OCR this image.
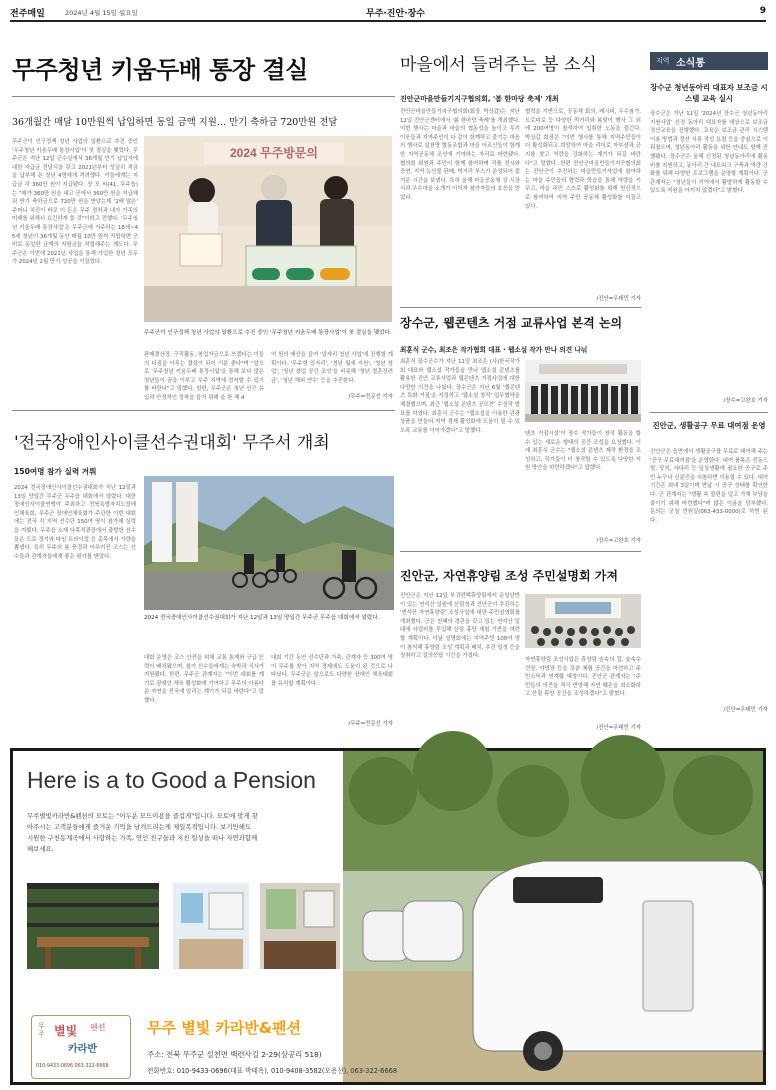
전주매일	2024년 4월 15일 월요일	무주·진안·장수	9
무주청년 키움두배 통장 결실
36개월간 매달 10만원씩 납입하면 동일 금액 지원… 만기 축하금 720만원 전달
무주군이 인구정책 청년 사업의 일환으로 추진 중인 '무주청년 키움두배 통장사업'이 첫 결실을 맺었다. 무주군은 지난 12일 군수실에서 36개월 만기 납입자에 대한 지급금 전달식을 갖고 2021년부터 성실히 적금을 납부해 온 청년 4명에게 격려했다. 이들에게는 지급금 각 360만 원이 지급됐다. 장 모 씨(41, 무주읍)는 "매가 360만 원을 내고 군에서 360만 원을 지급해 줘 만기 축하금으로 720만 원을 받았는데 '2배 많은' 주머니 치킨이 바로 이 돈은 무주 정착과 내가 가족의 미래를 위해서 요긴하게 쓸 것"이라고 전했다. '무주청년 키움두배 통장사업'은 무주군에 거주하는 18세~45세 청년이 36개월 동안 매월 10만 원씩 적립하면 군비로 동일한 금액의 지원금을 적립해주는 제도다. 무주군은 이번에 2021년 사업을 통해 가입한 청년 모두가 2024년 2월 만기 성공을 이끌었다.
2024 무주방문의
무주군이 인구정책 청년 사업의 일환으로 추진 중인 '무주청년 키움두배 통장사업'이 첫 결실을 맺었다.
판매결산장, 구직활동, 창업자금으로 쓰겠다는 이들의 다짐을 이루는 결실이 되어 기분 좋다"며 "앞으로 '무주청년 키움두배 통장사업'을 통해 보다 많은 청년들이 꿈을 이루고 무주 지역에 정착할 수 있기를 바란다"고 말했다. 한편, 무주군은 청년 인구 유입과 안정적인 정착을 돕기 위해 올 한 해 4
억 원의 예산을 들여 '일자리 청년 사업'에 진행할 계획이다. '무주형 일자리', '청년 월세 지원', '청년 창업', '청년 창업 공간 조성'을 비롯해 '청년 결혼장려금', '청년 해외 연수' 등을 추진한다.
/무주=전문선 기자
마을에서 들려주는 봄 소식
진안군마을만들기지구협의회, '봄 한마당 축제' 개최
진안군마을만들기지구협의회(회장 박상갑)는 지난 12일 진안군센터에서 '봄 한마당 축제'를 개최했다. 이번 행사는 마을과 마을의 협동성을 높이고 우리 이웃들과 지역주민이 다 같이 함께하고 즐기는 마음의 행사로 삼천명 협동조합과 마을 어르신들이 함께한 지역공동체 조성에 기여하는 자리로 마련됐다. 협의회 회원과 주민이 함께 참여하며 작품 전시와 공연, 지역 농산물 판매, 먹거리 부스가 운영되어 즐거운 시간을 보냈다. 특히 올해 마을공동체 상 시상식과 우수마을 소개가 이어져 참가자들의 호응을 얻었다.
협력을 기반으로, 공동체 회의, 레시피, 우수참가, 트로피로 등 다양한 먹거리와 봄맞이 행사 그 외에 200여명이 참석하여 일취한 노동을 즐긴다. 박상갑 회장은 "이번 행사를 통해 지역주민들이 더 활성화되고 희망하여 마을 리더로 자부심과 긍지를 찾고 역량을 강화하는 계기가 되길 바란다"고 말했다. 한편 진안군마을만들기지구협의회는 진안군이 추진하는 마을만들기사업에 참여하는 마을 주민들의 협력과 학습을 통해 역량을 키우고, 마을 주민 스스로 활성화를 위해 헌신적으로 참여하여 지역 주민 공동체 활성화를 이끌고 있다.
/진안=우태민 기자
장수군, 웹콘텐츠 거점 교류사업 본격 논의
최훈식 군수, 최조은 작가협회 대표 · 웹소설 작가 만나 의견 나눠
최훈식 장수군수가 지난 11일 최조은 (사)한국작가회 대표와 웹소설 작가들을 만나 웹소설 콘텐츠를 활용한 진안 교류사업과 웹콘텐츠 거점사업에 대한 다양한 의견을 나눴다. 장수군은 지난 6월 '웹콘텐츠 특화 거점'을 지정하고 '웹소설 창작' 업무협약을 체결했으며, 최근 '웹소설 콘텐츠 공모전' 수상작 발표를 하였다. 최훈식 군수는 "웹소설을 이용한 관광상품을 만들어 지역 경제 활성화에 도움이 될 수 있도록 교류를 이어가겠다"고 말했다.
텐츠 거점시설'이 장수 작가들이 창작 활동을 할 수 있는 새로운 형태의 공간 조성을 요청했다. 이에 최훈식 군수는 "웹소설 콘텐츠 제작 환경을 조성하고, 작가들이 더 창작할 수 있도록 다양한 지원 방안을 마련하겠다"고 답했다.
/장수=고완호 기자
진안군, 자연휴양림 조성 주민설명회 가져
진안군은 지난 12일 부귀편백휴양림에서 운일암반이 있는 연석산 일원에 산림청과 진안군이 추진하는 '연석산 자연휴양림' 조성사업에 대한 주민설명회를 개최했다. 군은 천혜의 경관을 갖고 있는 연석산 일대에 사업비를 투입해 산림 휴양 체험 기반을 마련할 계획이다. 이날 설명회에는 지역주민 100여 명이 참석해 휴양림 조성 계획과 배치, 추진 일정 등을 청취하고 질의응답 시간을 가졌다.
자연휴양림 조성사업은 휴양림 숲속의 집, 숲속수련장, 야영장 등을 갖춘 체험 공간을 마련하고 주민소득과 연계할 예정이다. 진안군 관계자는 "주민들의 의견을 적극 반영해 자연 훼손을 최소화하고 산림 휴양 공간을 조성하겠다"고 밝혔다.
/진안=우태민 기자
'전국장애인사이클선수권대회' 무주서 개최
150여명 참가 실력 겨뤄
2024 전국장애인사이클선수권대회가 지난 12일과 13일 양일간 무주군 무주읍 대회에서 열렸다. 대한장애인사이클연맹이 주최하고 전북특별자치도장애인체육회, 무주군 장애인체육회가 주관한 이번 대회에는 전국 각 지역 선수단 150여 명이 참가해 실력을 겨뤘다. 무주읍 소재 다목적광장에서 출발한 선수들은 도로 경기와 타임 트라이얼 등 종목에서 기량을 뽐냈다. 특히 무주의 봄 풍경과 어우러진 코스는 선수들과 관계자들에게 좋은 평가를 받았다.
2024 전국장애인사이클선수권대회가 지난 12일과 13일 양일간 무주군 무주읍 대회에서 열렸다.
대회 운영은 코스 안전을 위해 교통 통제와 구급 인력이 배치됐으며, 참가 선수들에게는 숙박과 식사가 지원됐다. 한편, 무주군 관계자는 "이번 대회를 계기로 장애인 체육 활성화에 기여하고 무주의 아름다운 자연을 전국에 알리는 계기가 되길 바란다"고 말했다.
대회 기간 동안 선수단과 가족, 관계자 등 300여 명이 무주를 찾아 지역 경제에도 도움이 된 것으로 나타났다. 무주군은 앞으로도 다양한 장애인 체육대회를 유치할 계획이다.
/무주=전문선 기자
지역 소식통
장수군 청년동아리 대표자 보조금 시스템 교육 실시
장수군은 지난 11일 '2024년 장수군 청년동아리 지원사업' 선정 동아리 대표자를 대상으로 보조금 정산교육을 진행했다. 교육은 보조금 관리 시스템 이용 방법과 정산 서류 작성 요령 등을 중심으로 이뤄졌으며, 청년동아리 활동을 위한 안내도 함께 진행됐다. 장수군은 올해 선정된 청년동아리에 활동비를 지원하고, 동아리 간 네트워크 구축과 역량 강화를 위해 다양한 프로그램을 운영할 계획이다. 군 관계자는 "청년들이 지역에서 활발하게 활동할 수 있도록 지원을 아끼지 않겠다"고 밝혔다.
/장수=고완호 기자
진안군, 생활공구 무료 대여점 운영
진안군은 읍면에서 생활공구를 무료로 대여해 주는 '공구 무료대여점'을 운영한다. 대여 품목은 전동드릴, 망치, 사다리 등 일상생활에 필요한 공구로 주민 누구나 신분증을 지참하면 이용할 수 있다. 대여 기간은 최대 3일이며 반납 시 공구 상태를 확인한다. 군 관계자는 "생활 속 불편을 덜고 가계 부담을 줄이기 위해 마련했다"며 많은 이용을 당부했다. 문의는 군청 민원실(063-433-0000)로 하면 된다.
/진안=우태민 기자
Here is a to Good a Pension
무주별빛카라반&펜션의 모토는 "어두운 모드이용을 즐겁게"입니다. 모토에 맞게 찾아주시는 고객분들에게 즐거운 기억을 남겨드리는게 제일목적입니다. 보기만해도 시원한 구천동계곡에서 사랑하는 가족, 연인 친구들과 지친 일상을 떠나 자연과함께해보세요.
무주 별빛 펜션
카라반
010-9433-0696 063-322-6668
무주 별빛 카라반&팬션
주소: 전북 무주군 설천면 백련사길 2-29(삼공리 518)
전화번호: 010-9433-0696(대표 박태옥), 010-9408-3582(오용선), 063-322-6668
